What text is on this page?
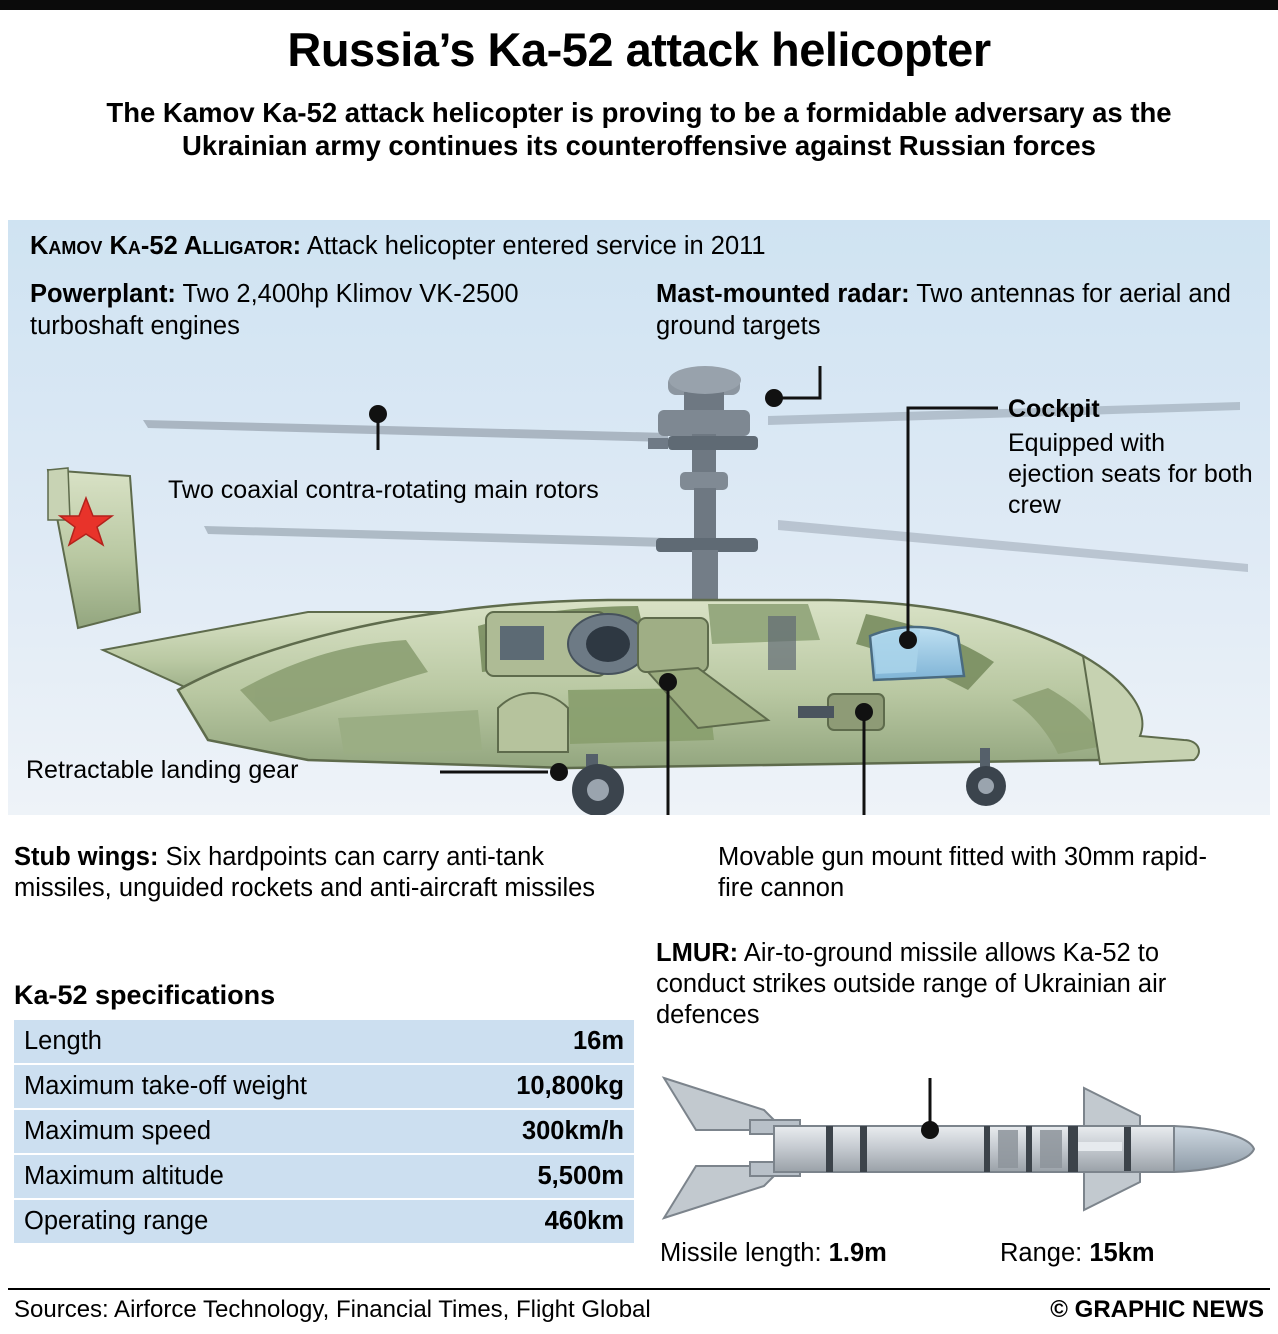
Russia’s Ka-52 attack helicopter
The Kamov Ka-52 attack helicopter is proving to be a formidable adversary as the Ukrainian army continues its counteroffensive against Russian forces
Kamov Ka-52 Alligator: Attack helicopter entered service in 2011
Powerplant: Two 2,400hp Klimov VK-2500 turboshaft engines
Mast-mounted radar: Two antennas for aerial and ground targets
Two coaxial contra-rotating main rotors
Cockpit
Equipped with ejection seats for both crew
Retractable landing gear
Stub wings: Six hardpoints can carry anti-tank missiles, unguided rockets and anti-aircraft missiles
Movable gun mount fitted with 30mm rapid-fire cannon
LMUR: Air-to-ground missile allows Ka-52 to conduct strikes outside range of Ukrainian air defences
Ka-52 specifications
Length	16m
Maximum take-off weight	10,800kg
Maximum speed	300km/h
Maximum altitude	5,500m
Operating range	460km
Missile length: 1.9m	Range: 15km
Sources: Airforce Technology, Financial Times, Flight Global	© GRAPHIC NEWS
